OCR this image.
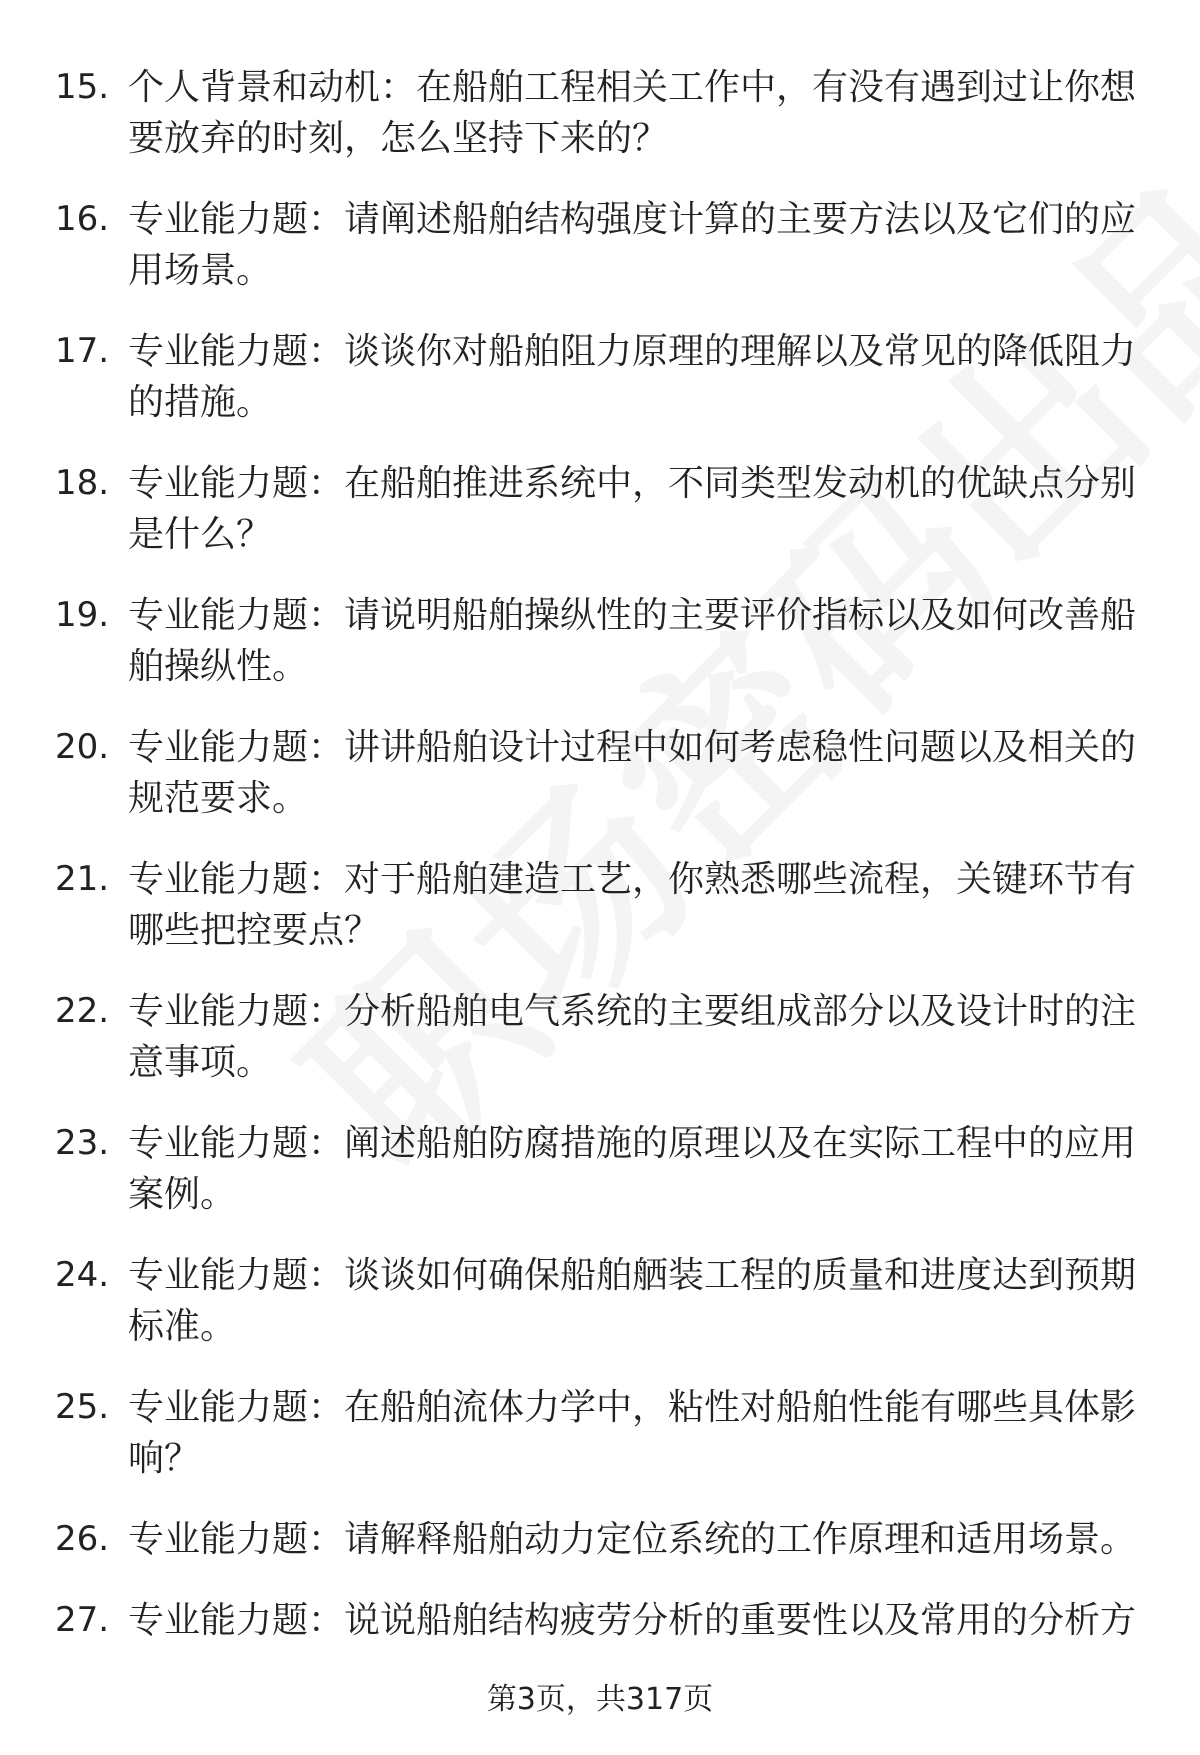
15. 个人背景和动机：在船舶工程相关工作中，有没有遇到过让你想要放弃的时刻，怎么坚持下来的？
16. 专业能力题：请阐述船舶结构强度计算的主要方法以及它们的应用场景。
17. 专业能力题：谈谈你对船舶阻力原理的理解以及常见的降低阻力的措施。
18. 专业能力题：在船舶推进系统中，不同类型发动机的优缺点分别是什么？
19. 专业能力题：请说明船舶操纵性的主要评价指标以及如何改善船舶操纵性。
20. 专业能力题：讲讲船舶设计过程中如何考虑稳性问题以及相关的规范要求。
21. 专业能力题：对于船舶建造工艺，你熟悉哪些流程，关键环节有哪些把控要点？
22. 专业能力题：分析船舶电气系统的主要组成部分以及设计时的注意事项。
23. 专业能力题：阐述船舶防腐措施的原理以及在实际工程中的应用案例。
24. 专业能力题：谈谈如何确保船舶舾装工程的质量和进度达到预期标准。
25. 专业能力题：在船舶流体力学中，粘性对船舶性能有哪些具体影响？
26. 专业能力题：请解释船舶动力定位系统的工作原理和适用场景。
27. 专业能力题：说说船舶结构疲劳分析的重要性以及常用的分析方
第3页，共317页
